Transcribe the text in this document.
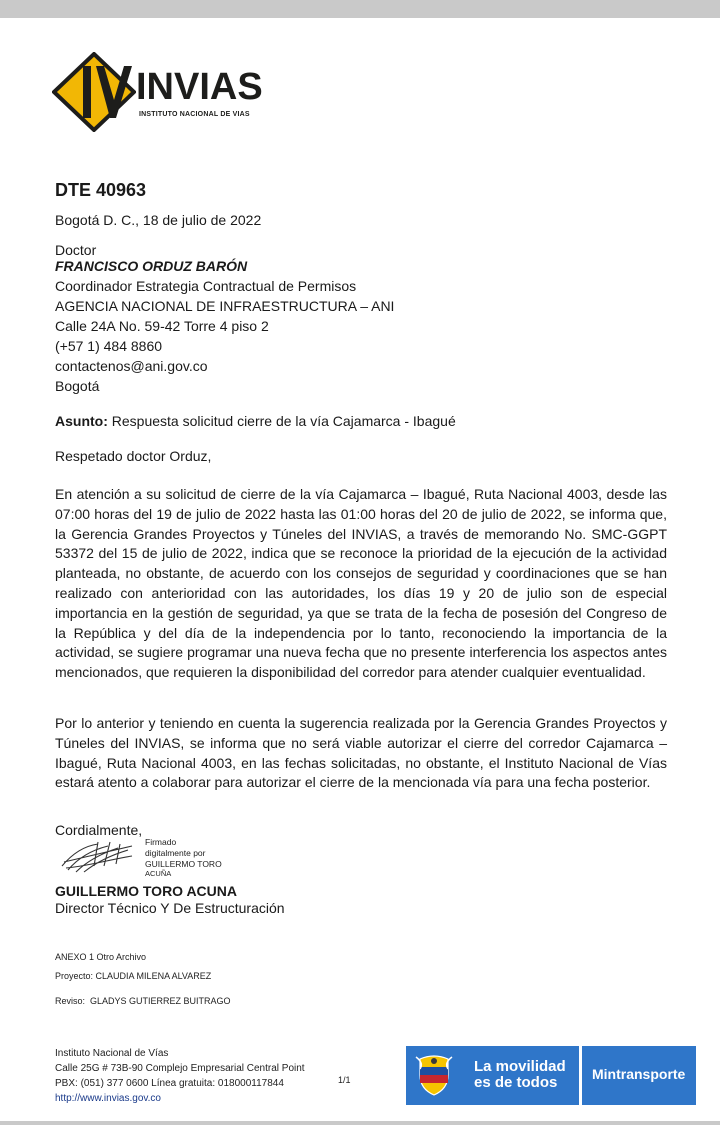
INVIAS
INSTITUTO NACIONAL DE VIAS
DTE 40963
Bogotá D. C., 18 de julio de 2022
Doctor
FRANCISCO ORDUZ BARÓN
Coordinador Estrategia Contractual de Permisos
AGENCIA NACIONAL DE INFRAESTRUCTURA – ANI
Calle 24A No. 59-42 Torre 4 piso 2
(+57 1) 484 8860
contactenos@ani.gov.co
Bogotá
Asunto: Respuesta solicitud cierre de la vía Cajamarca - Ibagué
Respetado doctor Orduz,
En atención a su solicitud de cierre de la vía Cajamarca – Ibagué, Ruta Nacional 4003, desde las 07:00 horas del 19 de julio de 2022 hasta las 01:00 horas del 20 de julio de 2022, se informa que, la Gerencia Grandes Proyectos y Túneles del INVIAS, a través de memorando No. SMC-GGPT 53372 del 15 de julio de 2022, indica que se reconoce la prioridad de la ejecución de la actividad planteada, no obstante, de acuerdo con los consejos de seguridad y coordinaciones que se han realizado con anterioridad con las autoridades, los días 19 y 20 de julio son de especial importancia en la gestión de seguridad, ya que se trata de la fecha de posesión del Congreso de la República y del día de la independencia por lo tanto, reconociendo la importancia de la actividad, se sugiere programar una nueva fecha que no presente interferencia los aspectos antes mencionados, que requieren la disponibilidad del corredor para atender cualquier eventualidad.
Por lo anterior y teniendo en cuenta la sugerencia realizada por la Gerencia Grandes Proyectos y Túneles del INVIAS, se informa que no será viable autorizar el cierre del corredor Cajamarca – Ibagué, Ruta Nacional 4003, en las fechas solicitadas, no obstante, el Instituto Nacional de Vías estará atento a colaborar para autorizar el cierre de la mencionada vía para una fecha posterior.
Cordialmente,
Firmado
digitalmente por
GUILLERMO TORO
ACUÑA
GUILLERMO TORO ACUNA
Director Técnico Y De Estructuración
ANEXO 1 Otro Archivo
Proyecto: CLAUDIA MILENA ALVAREZ
Reviso: GLADYS GUTIERREZ BUITRAGO
Instituto Nacional de Vías
Calle 25G # 73B-90 Complejo Empresarial Central Point
PBX: (051) 377 0600 Línea gratuita: 018000117844
http://www.invias.gov.co
1/1
La movilidad
es de todos	Mintransporte
